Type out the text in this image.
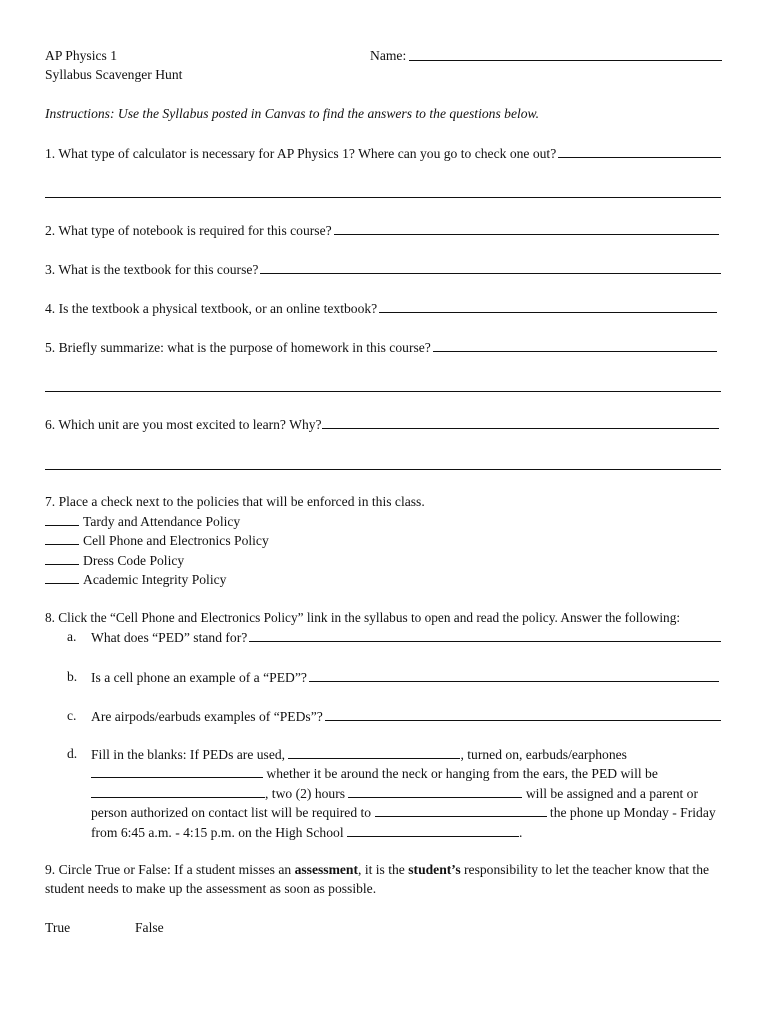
AP Physics 1
Syllabus Scavenger Hunt
Name:
Instructions: Use the Syllabus posted in Canvas to find the answers to the questions below.
1. What type of calculator is necessary for AP Physics 1? Where can you go to check one out?
2. What type of notebook is required for this course?
3. What is the textbook for this course?
4. Is the textbook a physical textbook, or an online textbook?
5. Briefly summarize: what is the purpose of homework in this course?
6. Which unit are you most excited to learn? Why?
7. Place a check next to the policies that will be enforced in this class.
Tardy and Attendance Policy
Cell Phone and Electronics Policy
Dress Code Policy
Academic Integrity Policy
8. Click the “Cell Phone and Electronics Policy” link in the syllabus to open and read the policy. Answer the following:
a. What does “PED” stand for?
b. Is a cell phone an example of a “PED”?
c. Are airpods/earbuds examples of “PEDs”?
d. Fill in the blanks: If PEDs are used,	, turned on, earbuds/earphones
whether it be around the neck or hanging from the ears, the PED will be
, two (2) hours	will be assigned and a parent or
person authorized on contact list will be required to	the phone up Monday - Friday
from 6:45 a.m. - 4:15 p.m. on the High School	.
9. Circle True or False: If a student misses an assessment, it is the student’s responsibility to let the teacher know that the
student needs to make up the assessment as soon as possible.
True	False
